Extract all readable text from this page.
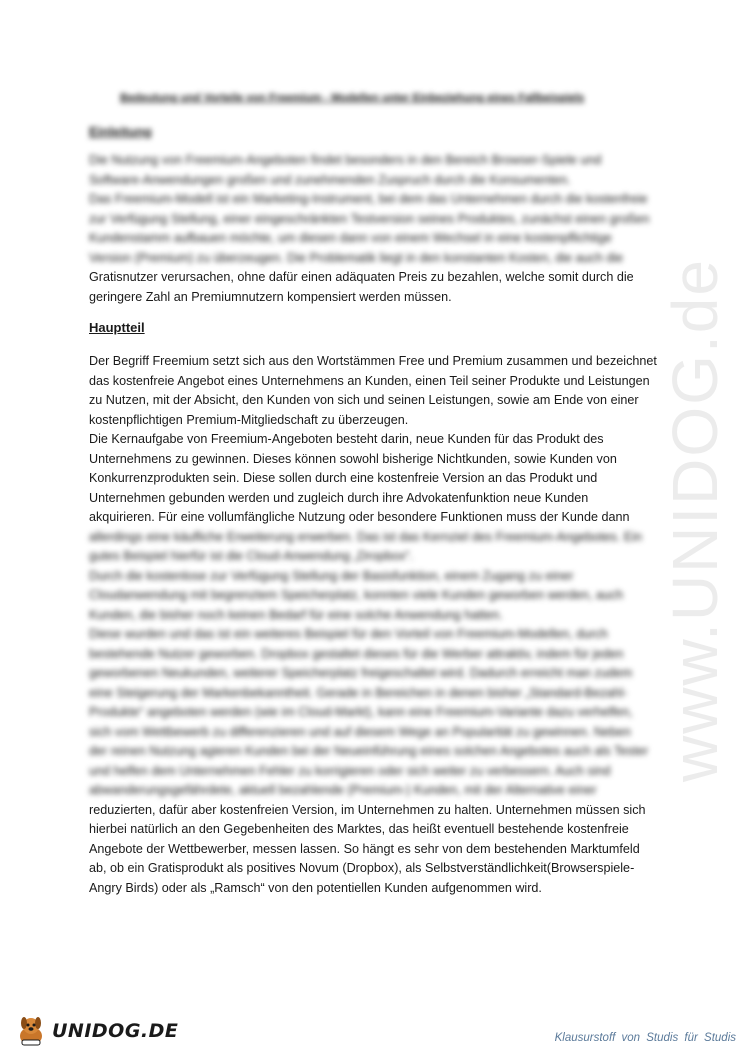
www.UNIDOG.de
Bedeutung und Vorteile von Freemium - Modellen unter Einbeziehung eines Fallbeispiels
Einleitung
Die Nutzung von Freemium-Angeboten findet besonders in den Bereich Browser-Spiele und
Software-Anwendungen großen und zunehmenden Zuspruch durch die Konsumenten.
Das Freemium-Modell ist ein Marketing-Instrument, bei dem das Unternehmen durch die kostenfreie
zur Verfügung Stellung, einer eingeschränkten Testversion seines Produktes, zunächst einen großen
Kundenstamm aufbauen möchte, um diesen dann von einem Wechsel in eine kostenpflichtige
Version (Premium) zu überzeugen. Die Problematik liegt in den konstanten Kosten, die auch die
Gratisnutzer verursachen, ohne dafür einen adäquaten Preis zu bezahlen, welche somit durch die
geringere Zahl an Premiumnutzern kompensiert werden müssen.
Hauptteil
Der Begriff Freemium setzt sich aus den Wortstämmen Free und Premium zusammen und bezeichnet
das kostenfreie Angebot eines Unternehmens an Kunden, einen Teil seiner Produkte und Leistungen
zu Nutzen, mit der Absicht, den Kunden von sich und seinen Leistungen, sowie am Ende von einer
kostenpflichtigen Premium-Mitgliedschaft zu überzeugen.
Die Kernaufgabe von Freemium-Angeboten besteht darin, neue Kunden für das Produkt des
Unternehmens zu gewinnen. Dieses können sowohl bisherige Nichtkunden, sowie Kunden von
Konkurrenzprodukten sein. Diese sollen durch eine kostenfreie Version an das Produkt und
Unternehmen gebunden werden und zugleich durch ihre Advokatenfunktion neue Kunden
akquirieren. Für eine vollumfängliche Nutzung oder besondere Funktionen muss der Kunde dann
allerdings eine käufliche Erweiterung erwerben. Das ist das Kernziel des Freemium-Angebotes. Ein
gutes Beispiel hierfür ist die Cloud-Anwendung „Dropbox“.
Durch die kostenlose zur Verfügung Stellung der Basisfunktion, einem Zugang zu einer
Cloudanwendung mit begrenztem Speicherplatz, konnten viele Kunden geworben werden, auch
Kunden, die bisher noch keinen Bedarf für eine solche Anwendung hatten.
Diese wurden und das ist ein weiteres Beispiel für den Vorteil von Freemium-Modellen, durch
bestehende Nutzer geworben. Dropbox gestaltet dieses für die Werber attraktiv, indem für jeden
geworbenen Neukunden, weiterer Speicherplatz freigeschaltet wird. Dadurch erreicht man zudem
eine Steigerung der Markenbekanntheit. Gerade in Bereichen in denen bisher „Standard-Bezahl-
Produkte“ angeboten werden (wie im Cloud-Markt), kann eine Freemium-Variante dazu verhelfen,
sich vom Wettbewerb zu differenzieren und auf diesem Wege an Popularität zu gewinnen. Neben
der reinen Nutzung agieren Kunden bei der Neueinführung eines solchen Angebotes auch als Tester
und helfen dem Unternehmen Fehler zu korrigieren oder sich weiter zu verbessern. Auch sind
abwanderungsgefährdete, aktuell bezahlende (Premium-) Kunden, mit der Alternative einer
reduzierten, dafür aber kostenfreien Version, im Unternehmen zu halten. Unternehmen müssen sich
hierbei natürlich an den Gegebenheiten des Marktes, das heißt eventuell bestehende kostenfreie
Angebote der Wettbewerber, messen lassen. So hängt es sehr von dem bestehenden Marktumfeld
ab, ob ein Gratisprodukt als positives Novum (Dropbox), als Selbstverständlichkeit(Browserspiele-
Angry Birds) oder als „Ramsch“ von den potentiellen Kunden aufgenommen wird.
UNIDOG.DE	Klausurstoff von Studis für Studis
